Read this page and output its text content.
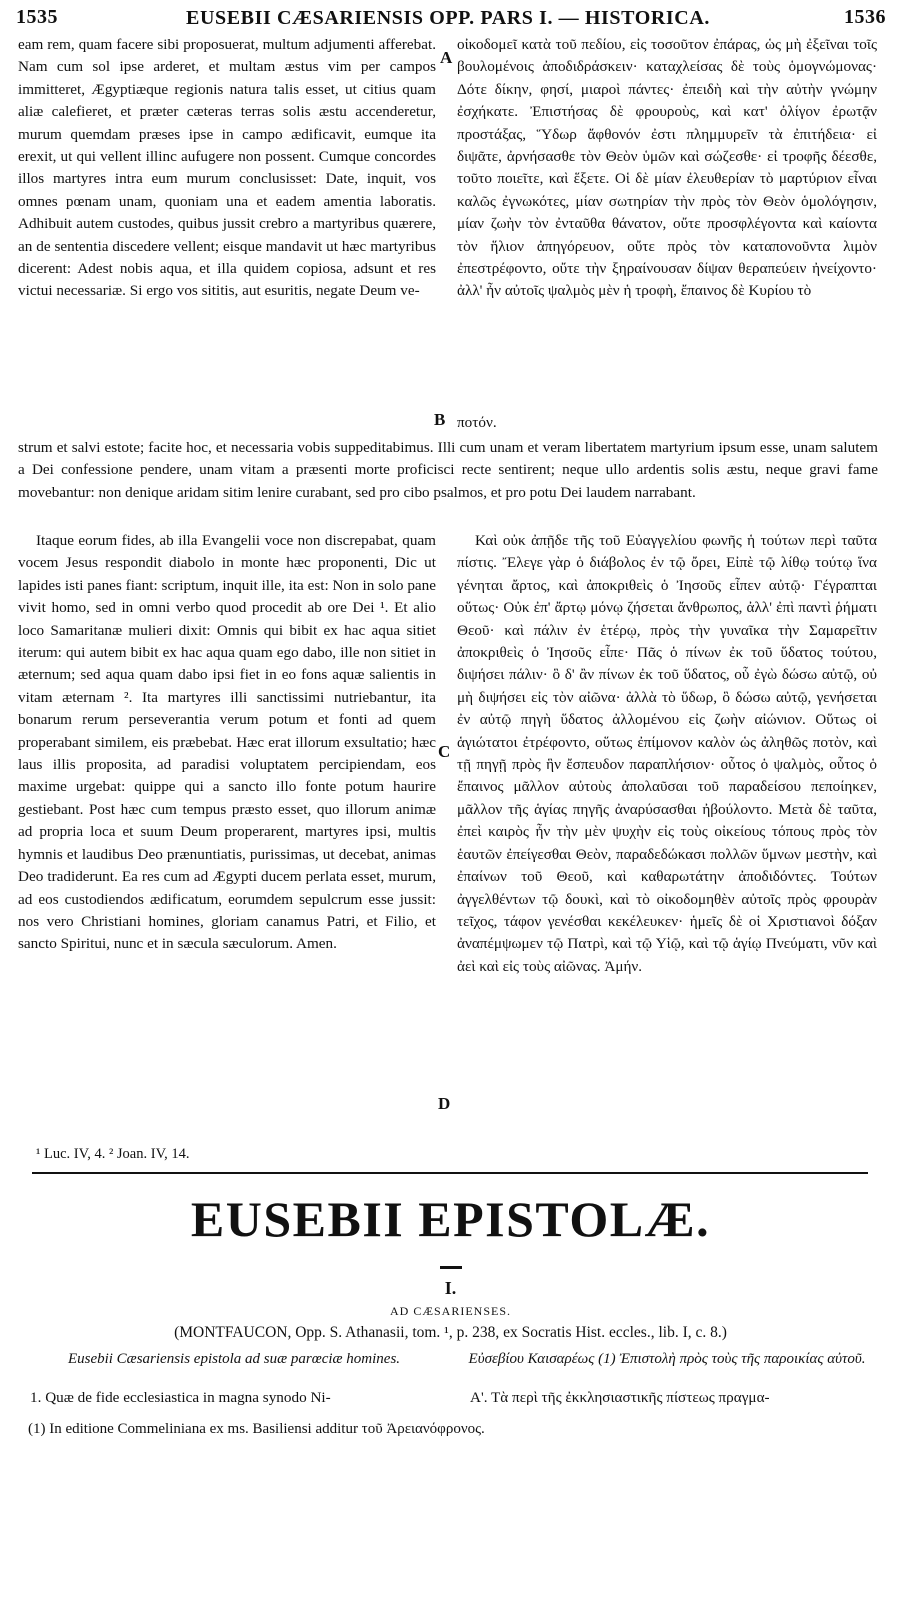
1535	EUSEBII CÆSARIENSIS OPP. PARS I. — HISTORICA.	1536

eam rem, quam facere sibi proposuerat, multum adjumenti afferebat. Nam cum sol ipse arderet, et multam æstus vim per campos immitteret, Ægyptiæque regionis natura talis esset, ut citius quam aliæ calefieret, et præter cæteras terras solis æstu accenderetur, murum quemdam præses ipse in campo ædificavit, eumque ita erexit, ut qui vellent illinc aufugere non possent. Cumque concordes illos martyres intra eum murum conclusisset: Date, inquit, vos omnes pœnam unam, quoniam una et eadem amentia laboratis. Adhibuit autem custodes, quibus jussit crebro a martyribus quærere, an de sententia discedere vellent; eisque mandavit ut hæc martyribus dicerent: Adest nobis aqua, et illa quidem copiosa, adsunt et res victui necessariæ. Si ergo vos sititis, aut esuritis, negate Deum ve-

οἰκοδομεῖ κατὰ τοῦ πεδίου, εἰς τοσοῦτον ἐπάρας, ὡς μὴ ἐξεῖναι τοῖς βουλομένοις ἀποδιδράσκειν· καταχλείσας δὲ τοὺς ὁμογνώμονας· Δότε δίκην, φησί, μιαροὶ πάντες· ἐπειδὴ καὶ τὴν αὐτὴν γνώμην ἐσχήκατε. Ἐπιστήσας δὲ φρουροὺς, καὶ κατ' ὀλίγον ἐρωτᾷν προστάξας, Ὕδωρ ἄφθονόν ἐστι πλημμυρεῖν τὰ ἐπιτήδεια· εἰ διψᾶτε, ἀρνήσασθε τὸν Θεὸν ὑμῶν καὶ σώζεσθε· εἰ τροφῆς δέεσθε, τοῦτο ποιεῖτε, καὶ ἕξετε. Οἱ δὲ μίαν ἐλευθερίαν τὸ μαρτύριον εἶναι καλῶς ἐγνωκότες, μίαν σωτηρίαν τὴν πρὸς τὸν Θεὸν ὁμολόγησιν, μίαν ζωὴν τὸν ἐνταῦθα θάνατον, οὔτε προσφλέγοντα καὶ καίοντα τὸν ἥλιον ἀπηγόρευον, οὔτε πρὸς τὸν καταπονοῦντα λιμὸν ἐπεστρέφοντο, οὔτε τὴν ξηραίνουσαν δίψαν θεραπεύειν ἠνείχοντο· ἀλλ' ἦν αὐτοῖς ψαλμὸς μὲν ἡ τροφὴ, ἔπαινος δὲ Κυρίου τὸ

A
B
C
D
ποτόν.
strum et salvi estote; facite hoc, et necessaria vobis suppeditabimus. Illi cum unam et veram libertatem martyrium ipsum esse, unam salutem a Dei confessione pendere, unam vitam a præsenti morte proficisci recte sentirent; neque ullo ardentis solis æstu, neque gravi fame movebantur: non denique aridam sitim lenire curabant, sed pro cibo psalmos, et pro potu Dei laudem narrabant.
Itaque eorum fides, ab illa Evangelii voce non discrepabat, quam vocem Jesus respondit diabolo in monte hæc proponenti, Dic ut lapides isti panes fiant: scriptum, inquit ille, ita est: Non in solo pane vivit homo, sed in omni verbo quod procedit ab ore Dei ¹. Et alio loco Samaritanæ mulieri dixit: Omnis qui bibit ex hac aqua sitiet iterum: qui autem bibit ex hac aqua quam ego dabo, ille non sitiet in æternum; sed aqua quam dabo ipsi fiet in eo fons aquæ salientis in vitam æternam ². Ita martyres illi sanctissimi nutriebantur, ita bonarum rerum perseverantia verum potum et fonti ad quem properabant similem, eis præbebat. Hæc erat illorum exsultatio; hæc laus illis proposita, ad paradisi voluptatem percipiendam, eos maxime urgebat: quippe qui a sancto illo fonte potum haurire gestiebant. Post hæc cum tempus præsto esset, quo illorum animæ ad propria loca et suum Deum properarent, martyres ipsi, multis hymnis et laudibus Deo prænuntiatis, purissimas, ut decebat, animas Deo tradiderunt. Ea res cum ad Ægypti ducem perlata esset, murum, ad eos custodiendos ædificatum, eorumdem sepulcrum esse jussit: nos vero Christiani homines, gloriam canamus Patri, et Filio, et sancto Spiritui, nunc et in sæcula sæculorum. Amen.
Καὶ οὐκ ἀπῇδε τῆς τοῦ Εὐαγγελίου φωνῆς ἡ τούτων περὶ ταῦτα πίστις. Ἔλεγε γὰρ ὁ διάβολος ἐν τῷ ὄρει, Εἰπὲ τῷ λίθῳ τούτῳ ἵνα γένηται ἄρτος, καὶ ἀποκριθεὶς ὁ Ἰησοῦς εἶπεν αὐτῷ· Γέγραπται οὕτως· Οὐκ ἐπ' ἄρτῳ μόνῳ ζήσεται ἄνθρωπος, ἀλλ' ἐπὶ παντὶ ῥήματι Θεοῦ· καὶ πάλιν ἐν ἑτέρῳ, πρὸς τὴν γυναῖκα τὴν Σαμαρεῖτιν ἀποκριθεὶς ὁ Ἰησοῦς εἶπε· Πᾶς ὁ πίνων ἐκ τοῦ ὕδατος τούτου, διψήσει πάλιν· ὃ δ' ἂν πίνων ἐκ τοῦ ὕδατος, οὗ ἐγὼ δώσω αὐτῷ, οὐ μὴ διψήσει εἰς τὸν αἰῶνα· ἀλλὰ τὸ ὕδωρ, ὃ δώσω αὐτῷ, γενήσεται ἐν αὐτῷ πηγὴ ὕδατος ἀλλομένου εἰς ζωὴν αἰώνιον. Οὕτως οἱ ἁγιώτατοι ἐτρέφοντο, οὕτως ἐπίμονον καλὸν ὡς ἀληθῶς ποτὸν, καὶ τῇ πηγῇ πρὸς ἣν ἔσπευδον παραπλήσιον· οὗτος ὁ ψαλμὸς, οὗτος ὁ ἔπαινος μᾶλλον αὐτοὺς ἀπολαῦσαι τοῦ παραδείσου πεποίηκεν, μᾶλλον τῆς ἁγίας πηγῆς ἀναρύσασθαι ἠβούλοντο. Μετὰ δὲ ταῦτα, ἐπεὶ καιρὸς ἦν τὴν μὲν ψυχὴν εἰς τοὺς οἰκείους τόπους πρὸς τὸν ἑαυτῶν ἐπείγεσθαι Θεὸν, παραδεδώκασι πολλῶν ὕμνων μεστὴν, καὶ ἐπαίνων τοῦ Θεοῦ, καὶ καθαρωτάτην ἀποδιδόντες. Τούτων ἀγγελθέντων τῷ δουκὶ, καὶ τὸ οἰκοδομηθὲν αὐτοῖς πρὸς φρουρὰν τεῖχος, τάφον γενέσθαι κεκέλευκεν· ἡμεῖς δὲ οἱ Χριστιανοὶ δόξαν ἀναπέμψωμεν τῷ Πατρὶ, καὶ τῷ Υἱῷ, καὶ τῷ ἁγίῳ Πνεύματι, νῦν καὶ ἀεὶ καὶ εἰς τοὺς αἰῶνας. Ἀμήν.
¹ Luc. IV, 4. ² Joan. IV, 14.
EUSEBII EPISTOLÆ.
I.
AD CÆSARIENSES.
(MONTFAUCON, Opp. S. Athanasii, tom. ¹, p. 238, ex Socratis Hist. eccles., lib. I, c. 8.)
Eusebii Cæsariensis epistola ad suæ parœciæ homines.	Εὐσεβίου Καισαρέως (1) Ἐπιστολὴ πρὸς τοὺς τῆς παροικίας αὐτοῦ.
1. Quæ de fide ecclesiastica in magna synodo Ni-	Α'. Τὰ περὶ τῆς ἐκκλησιαστικῆς πίστεως πραγμα-
(1) In editione Commeliniana ex ms. Basiliensi additur τοῦ Ἀρειανόφρονος.
